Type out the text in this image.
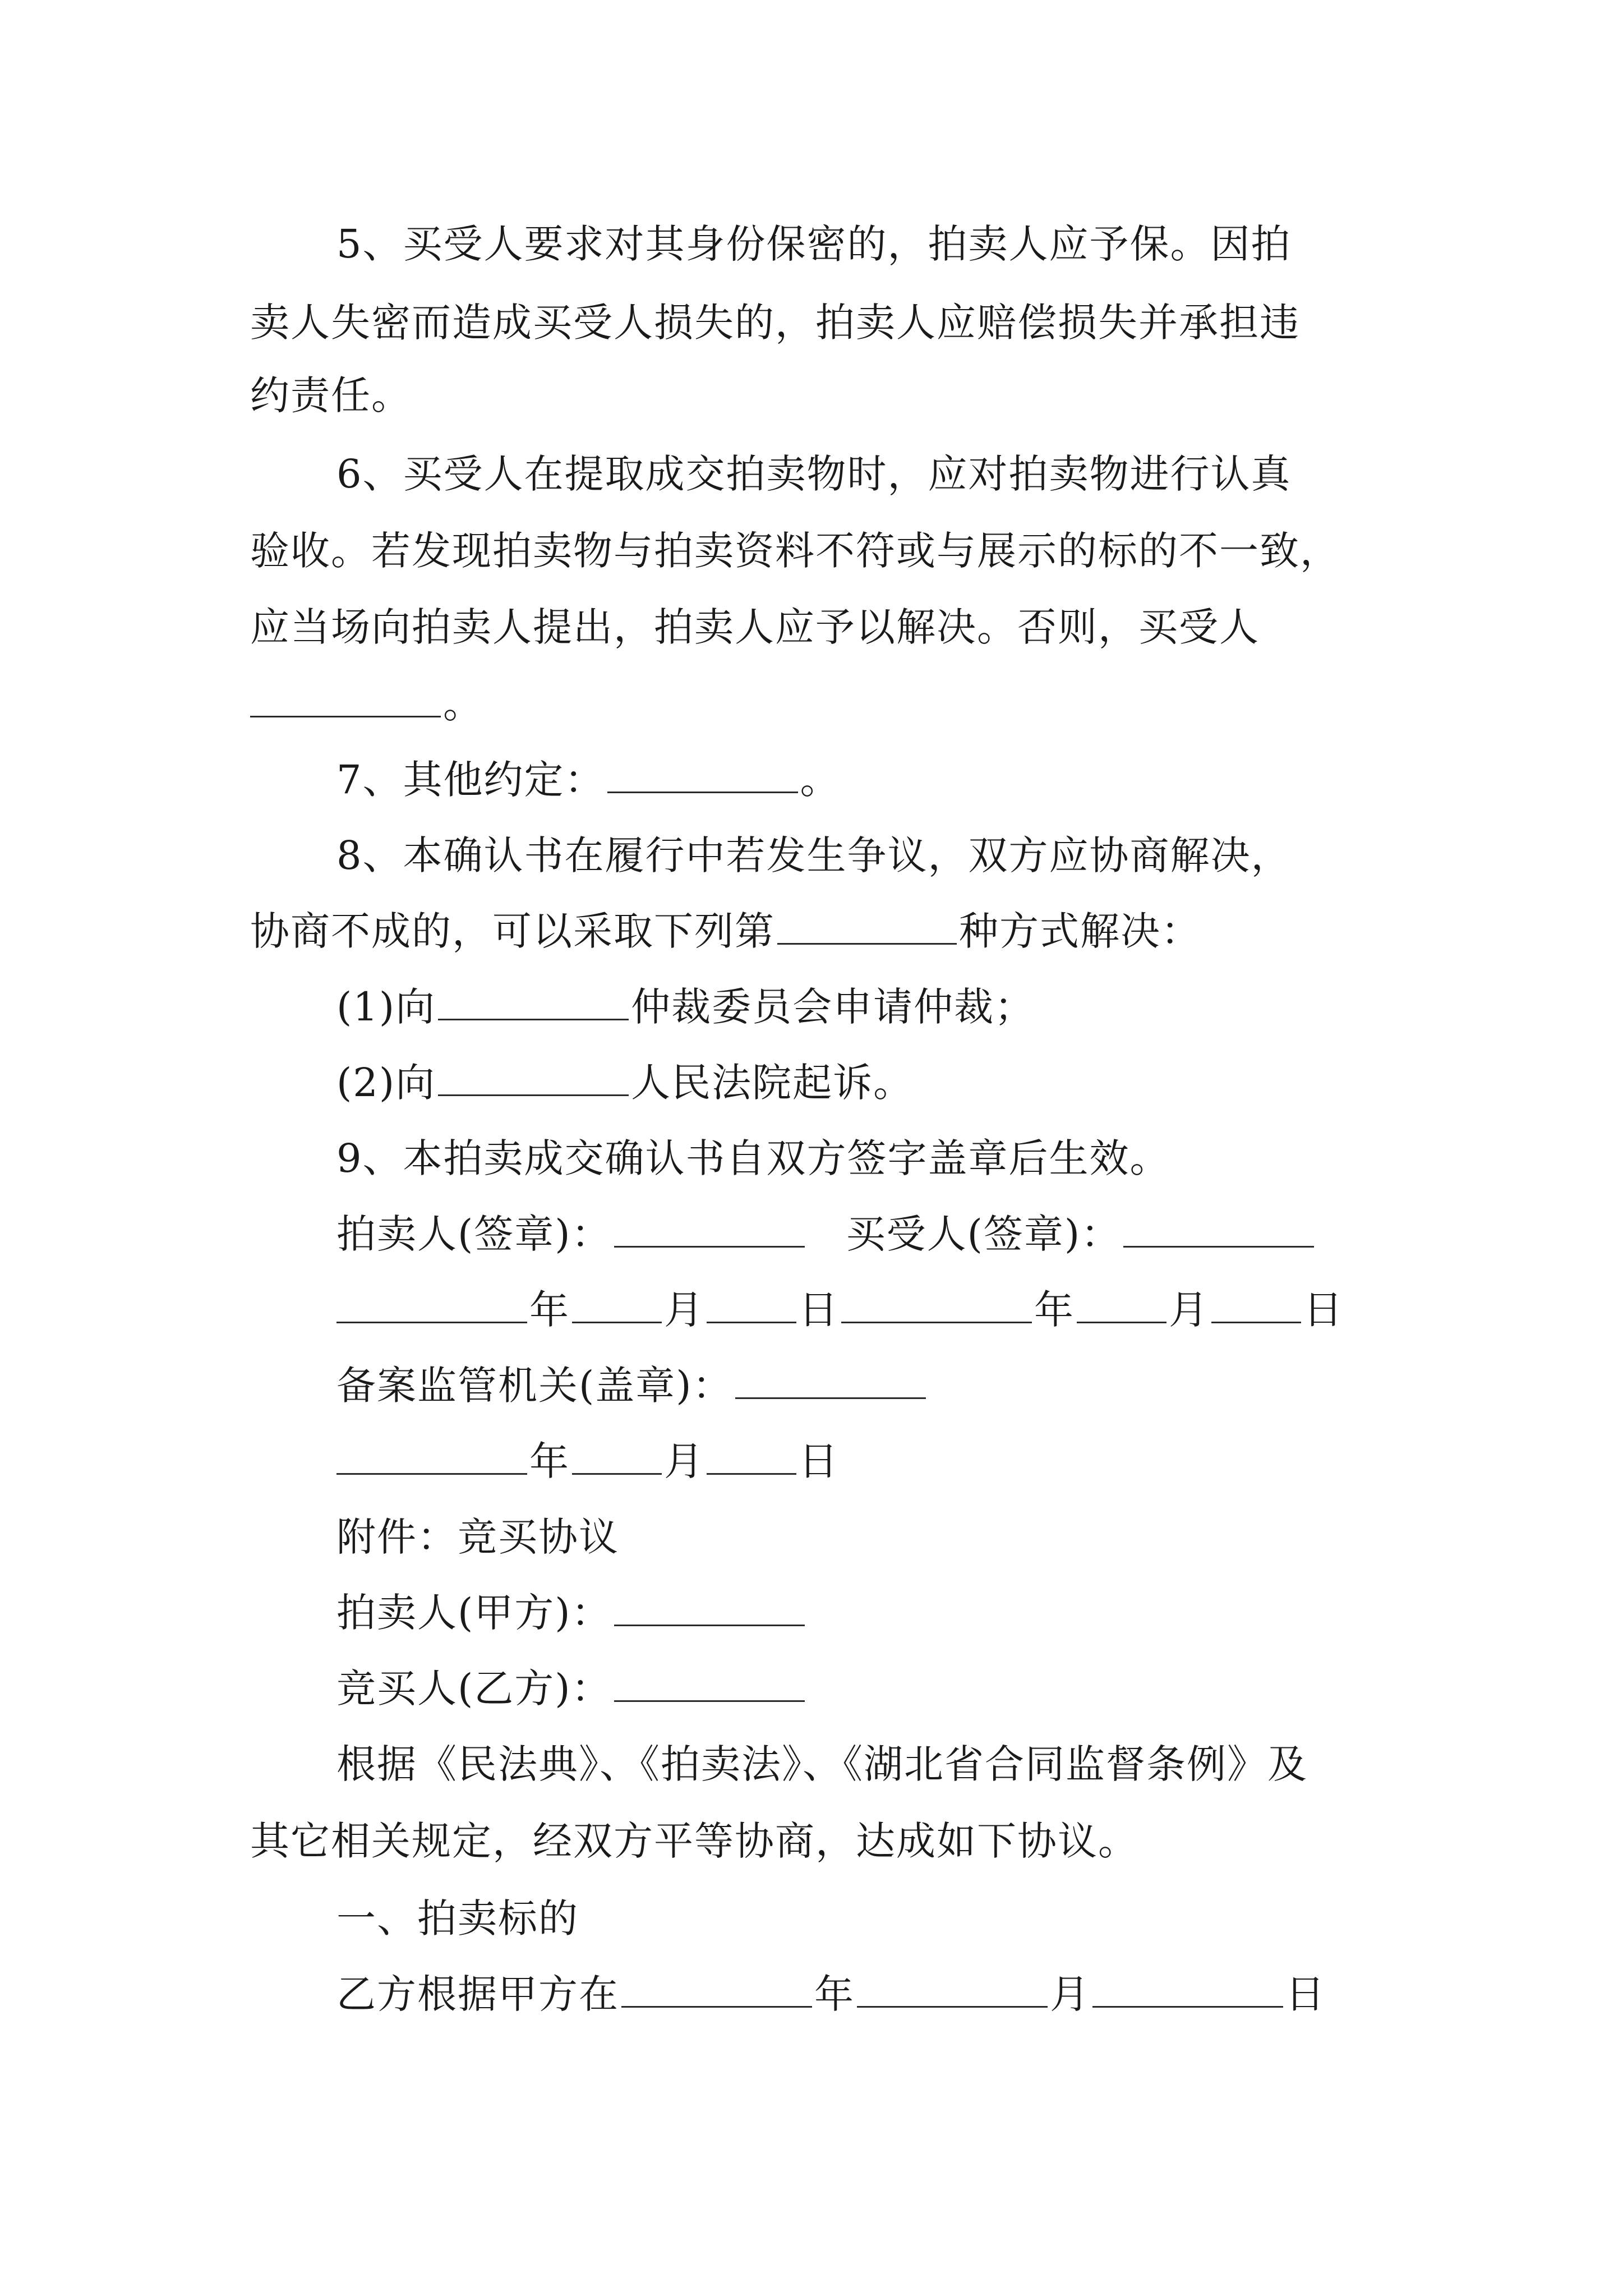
5、买受人要求对其身份保密的，拍卖人应予保。因拍
卖人失密而造成买受人损失的，拍卖人应赔偿损失并承担违
约责任。
6、买受人在提取成交拍卖物时，应对拍卖物进行认真
验收。若发现拍卖物与拍卖资料不符或与展示的标的不一致，
应当场向拍卖人提出，拍卖人应予以解决。否则，买受人
。
7、其他约定：	。
8、本确认书在履行中若发生争议，双方应协商解决，
协商不成的，可以采取下列第	种方式解决：
(1)向	仲裁委员会申请仲裁；
(2)向	人民法院起诉。
9、本拍卖成交确认书自双方签字盖章后生效。
拍卖人(签章)：	买受人(签章)：
年 月 日	年 月 日
备案监管机关(盖章)：
年 月 日
附件：竞买协议
拍卖人(甲方)：
竞买人(乙方)：
根据《民法典》、《拍卖法》、《湖北省合同监督条例》及
其它相关规定，经双方平等协商，达成如下协议。
一、拍卖标的
乙方根据甲方在	年	月	日
